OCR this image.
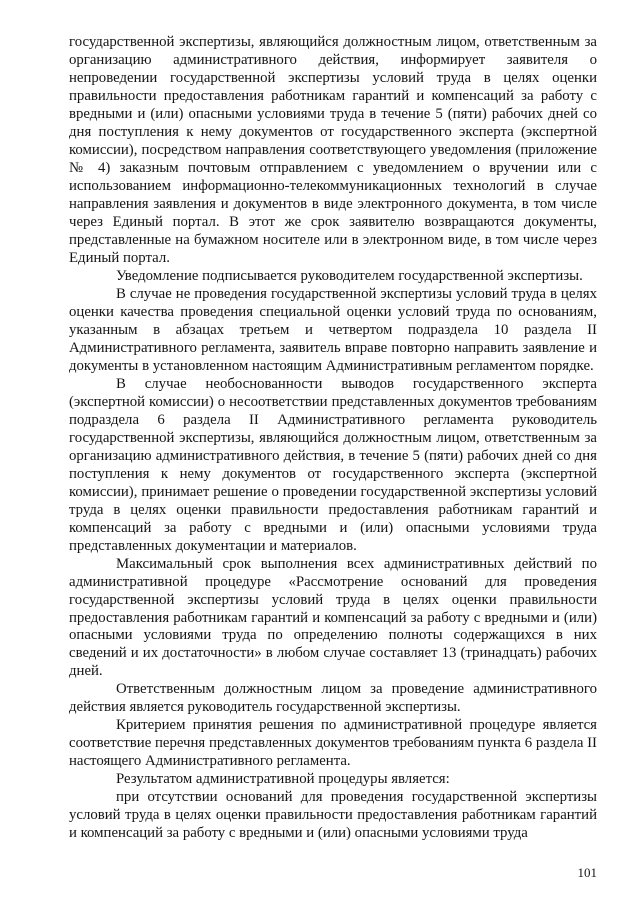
государственной экспертизы, являющийся должностным лицом, ответственным за организацию административного действия, информирует заявителя о непроведении государственной экспертизы условий труда в целях оценки правильности предоставления работникам гарантий и компенсаций за работу с вредными и (или) опасными условиями труда в течение 5 (пяти) рабочих дней со дня поступления к нему документов от государственного эксперта (экспертной комиссии), посредством направления соответствующего уведомления (приложение № 4) заказным почтовым отправлением с уведомлением о вручении или с использованием информационно-телекоммуникационных технологий в случае направления заявления и документов в виде электронного документа, в том числе через Единый портал. В этот же срок заявителю возвращаются документы, представленные на бумажном носителе или в электронном виде, в том числе через Единый портал.

Уведомление подписывается руководителем государственной экспертизы.

В случае не проведения государственной экспертизы условий труда в целях оценки качества проведения специальной оценки условий труда по основаниям, указанным в абзацах третьем и четвертом подраздела 10 раздела II Административного регламента, заявитель вправе повторно направить заявление и документы в установленном настоящим Административным регламентом порядке.

В случае необоснованности выводов государственного эксперта (экспертной комиссии) о несоответствии представленных документов требованиям подраздела 6 раздела II Административного регламента руководитель государственной экспертизы, являющийся должностным лицом, ответственным за организацию административного действия, в течение 5 (пяти) рабочих дней со дня поступления к нему документов от государственного эксперта (экспертной комиссии), принимает решение о проведении государственной экспертизы условий труда в целях оценки правильности предоставления работникам гарантий и компенсаций за работу с вредными и (или) опасными условиями труда представленных документации и материалов.

Максимальный срок выполнения всех административных действий по административной процедуре «Рассмотрение оснований для проведения государственной экспертизы условий труда в целях оценки правильности предоставления работникам гарантий и компенсаций за работу с вредными и (или) опасными условиями труда по определению полноты содержащихся в них сведений и их достаточности» в любом случае составляет 13 (тринадцать) рабочих дней.

Ответственным должностным лицом за проведение административного действия является руководитель государственной экспертизы.

Критерием принятия решения по административной процедуре является соответствие перечня представленных документов требованиям пункта 6 раздела II настоящего Административного регламента.

Результатом административной процедуры является:

при отсутствии оснований для проведения государственной экспертизы условий труда в целях оценки правильности предоставления работникам гарантий и компенсаций за работу с вредными и (или) опасными условиями труда

101
